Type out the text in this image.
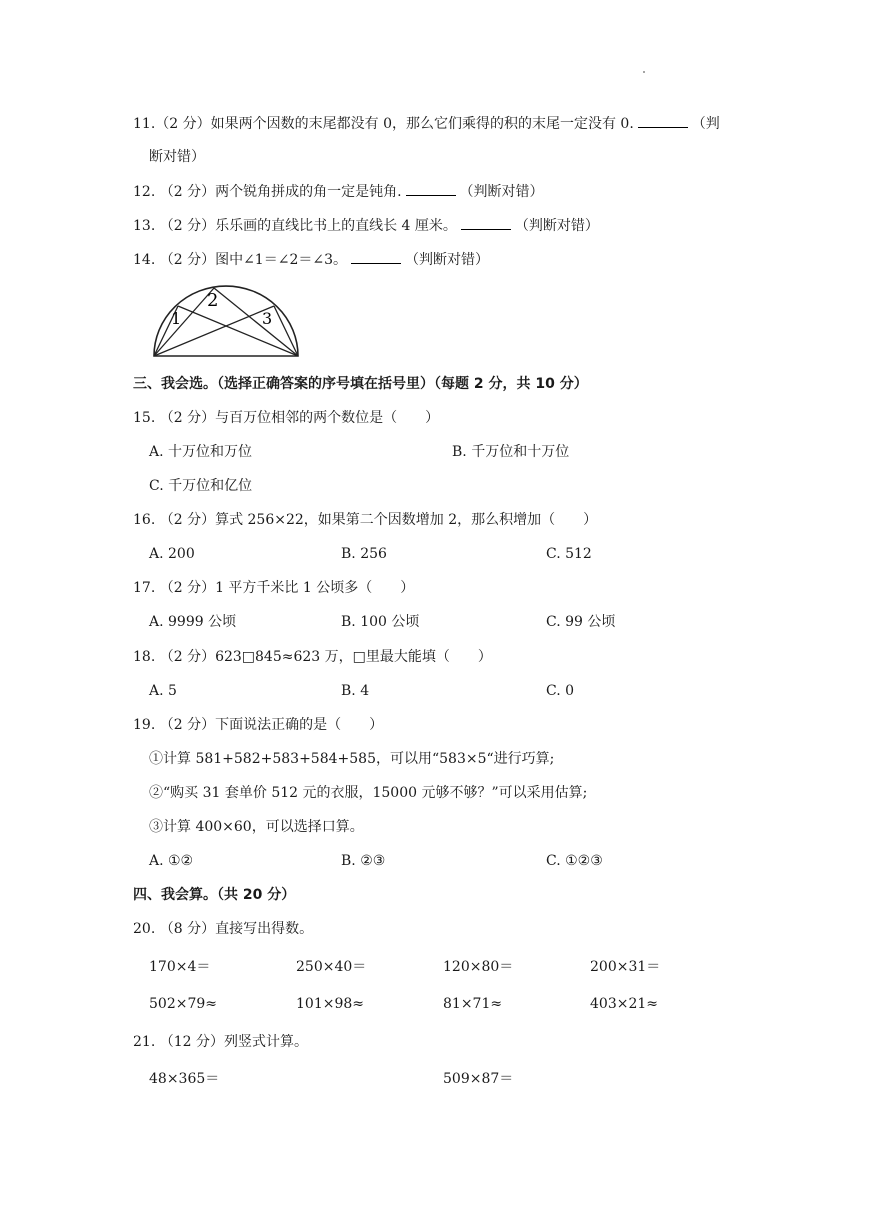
11.（2 分）如果两个因数的末尾都没有 0，那么它们乘得的积的末尾一定没有 0.	（判
断对错）
12. （2 分）两个锐角拼成的角一定是钝角.	（判断对错）
13. （2 分）乐乐画的直线比书上的直线长 4 厘米。	（判断对错）
14. （2 分）图中∠1＝∠2＝∠3。	（判断对错）
1
2
3
三、我会选。（选择正确答案的序号填在括号里）（每题 2 分，共 10 分）
15. （2 分）与百万位相邻的两个数位是（　　）
A. 十万位和万位	B. 千万位和十万位
C. 千万位和亿位
16. （2 分）算式 256×22，如果第二个因数增加 2，那么积增加（　　）
A. 200	B. 256	C. 512
17. （2 分）1 平方千米比 1 公顷多（　　）
A. 9999 公顷	B. 100 公顷	C. 99 公顷
18. （2 分）623□845≈623 万，□里最大能填（　　）
A. 5	B. 4	C. 0
19. （2 分）下面说法正确的是（　　）
①计算 581+582+583+584+585，可以用“583×5“进行巧算;
②“购买 31 套单价 512 元的衣服，15000 元够不够？”可以采用估算;
③计算 400×60，可以选择口算。
A. ①②	B. ②③	C. ①②③
四、我会算。（共 20 分）
20. （8 分）直接写出得数。
170×4＝	250×40＝	120×80＝	200×31＝
502×79≈	101×98≈	81×71≈	403×21≈
21. （12 分）列竖式计算。
48×365＝	509×87＝
